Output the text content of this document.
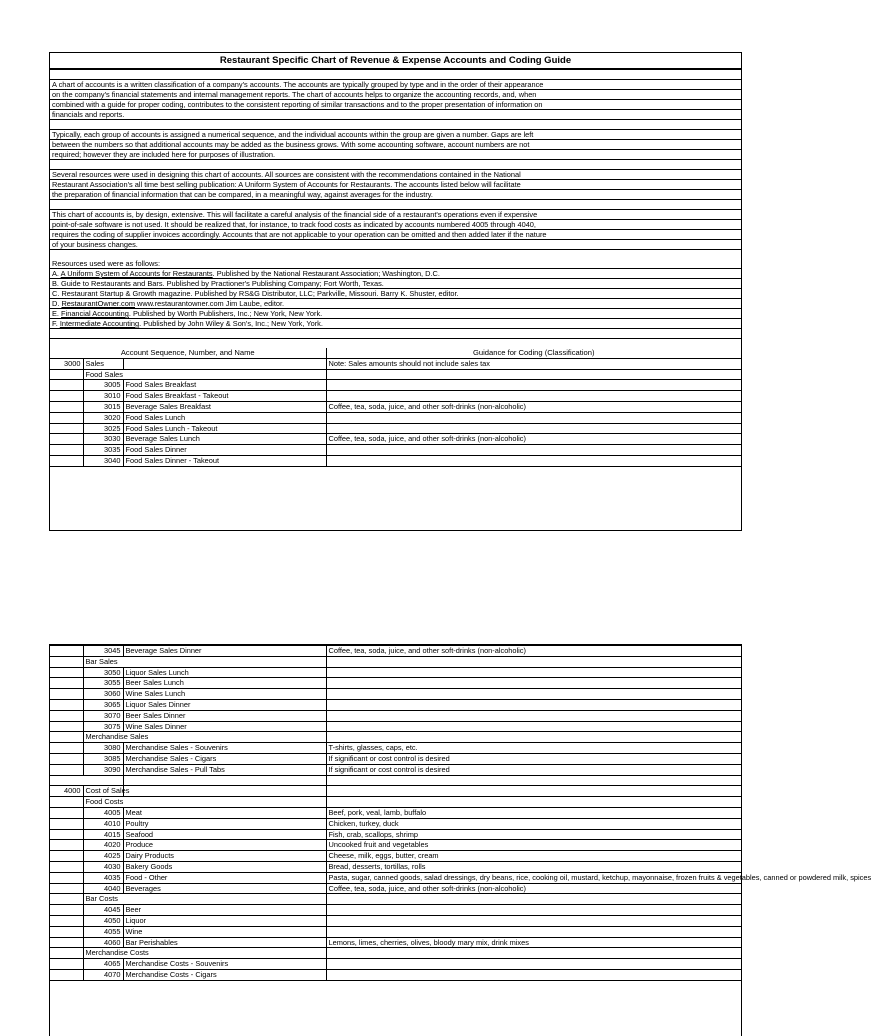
Restaurant Specific Chart of Revenue & Expense Accounts and Coding Guide
A chart of accounts is a written classification of a company's accounts. The accounts are typically grouped by type and in the order of their appearance
on the company's financial statements and internal management reports. The chart of accounts helps to organize the accounting records, and, when
combined with a guide for proper coding, contributes to the consistent reporting of similar transactions and to the proper presentation of information on
financials and reports.
Typically, each group of accounts is assigned a numerical sequence, and the individual accounts within the group are given a number. Gaps are left
between the numbers so that additional accounts may be added as the business grows. With some accounting software, account numbers are not
required; however they are included here for purposes of illustration.
Several resources were used in designing this chart of accounts. All sources are consistent with the recommendations contained in the National
Restaurant Association's all time best selling publication: A Uniform System of Accounts for Restaurants. The accounts listed below will facilitate
the preparation of financial information that can be compared, in a meaningful way, against averages for the industry.
This chart of accounts is, by design, extensive. This will facilitate a careful analysis of the financial side of a restaurant's operations even if expensive
point-of-sale software is not used. It should be realized that, for instance, to track food costs as indicated by accounts numbered 4005 through 4040,
requires the coding of supplier invoices accordingly. Accounts that are not applicable to your operation can be omitted and then added later if the nature
of your business changes.
Resources used were as follows:
A. A Uniform System of Accounts for Restaurants. Published by the National Restaurant Association; Washington, D.C.
B. Guide to Restaurants and Bars. Published by Practioner's Publishing Company; Fort Worth, Texas.
C. Restaurant Startup & Growth magazine. Published by RS&G Distributor, LLC; Parkville, Missouri. Barry K. Shuster, editor.
D. RestaurantOwner.com www.restaurantowner.com Jim Laube, editor.
E. Financial Accounting. Published by Worth Publishers, Inc.; New York, New York.
F. Intermediate Accounting. Published by John Wiley & Son's, Inc.; New York, York.
Account Sequence, Number, and Name			Guidance for Coding (Classification)
3000	Sales		Note: Sales amounts should not include sales tax
	Food Sales		
	3005	Food Sales Breakfast	
	3010	Food Sales Breakfast - Takeout	
	3015	Beverage Sales Breakfast	Coffee, tea, soda, juice, and other soft-drinks (non-alcoholic)
	3020	Food Sales Lunch	
	3025	Food Sales Lunch - Takeout	
	3030	Beverage Sales Lunch	Coffee, tea, soda, juice, and other soft-drinks (non-alcoholic)
	3035	Food Sales Dinner	
	3040	Food Sales Dinner - Takeout	
	3045	Beverage Sales Dinner	Coffee, tea, soda, juice, and other soft-drinks (non-alcoholic)
	Bar Sales		
	3050	Liquor Sales Lunch	
	3055	Beer Sales Lunch	
	3060	Wine Sales Lunch	
	3065	Liquor Sales Dinner	
	3070	Beer Sales Dinner	
	3075	Wine Sales Dinner	
	Merchandise Sales		
	3080	Merchandise Sales - Souvenirs	T-shirts, glasses, caps, etc.
	3085	Merchandise Sales - Cigars	If significant or cost control is desired
	3090	Merchandise Sales - Pull Tabs	If significant or cost control is desired

4000	Cost of Sales		
	Food Costs		
	4005	Meat	Beef, pork, veal, lamb, buffalo
	4010	Poultry	Chicken, turkey, duck
	4015	Seafood	Fish, crab, scallops, shrimp
	4020	Produce	Uncooked fruit and vegetables
	4025	Dairy Products	Cheese, milk, eggs, butter, cream
	4030	Bakery Goods	Bread, desserts, tortillas, rolls
	4035	Food - Other	Pasta, sugar, canned goods, salad dressings, dry beans, rice, cooking oil, mustard, ketchup, mayonnaise, frozen fruits & vegetables, canned or powdered milk, spices
	4040	Beverages	Coffee, tea, soda, juice, and other soft-drinks (non-alcoholic)
	Bar Costs		
	4045	Beer	
	4050	Liquor	
	4055	Wine	
	4060	Bar Perishables	Lemons, limes, cherries, olives, bloody mary mix, drink mixes
	Merchandise Costs		
	4065	Merchandise Costs - Souvenirs	
	4070	Merchandise Costs - Cigars	
